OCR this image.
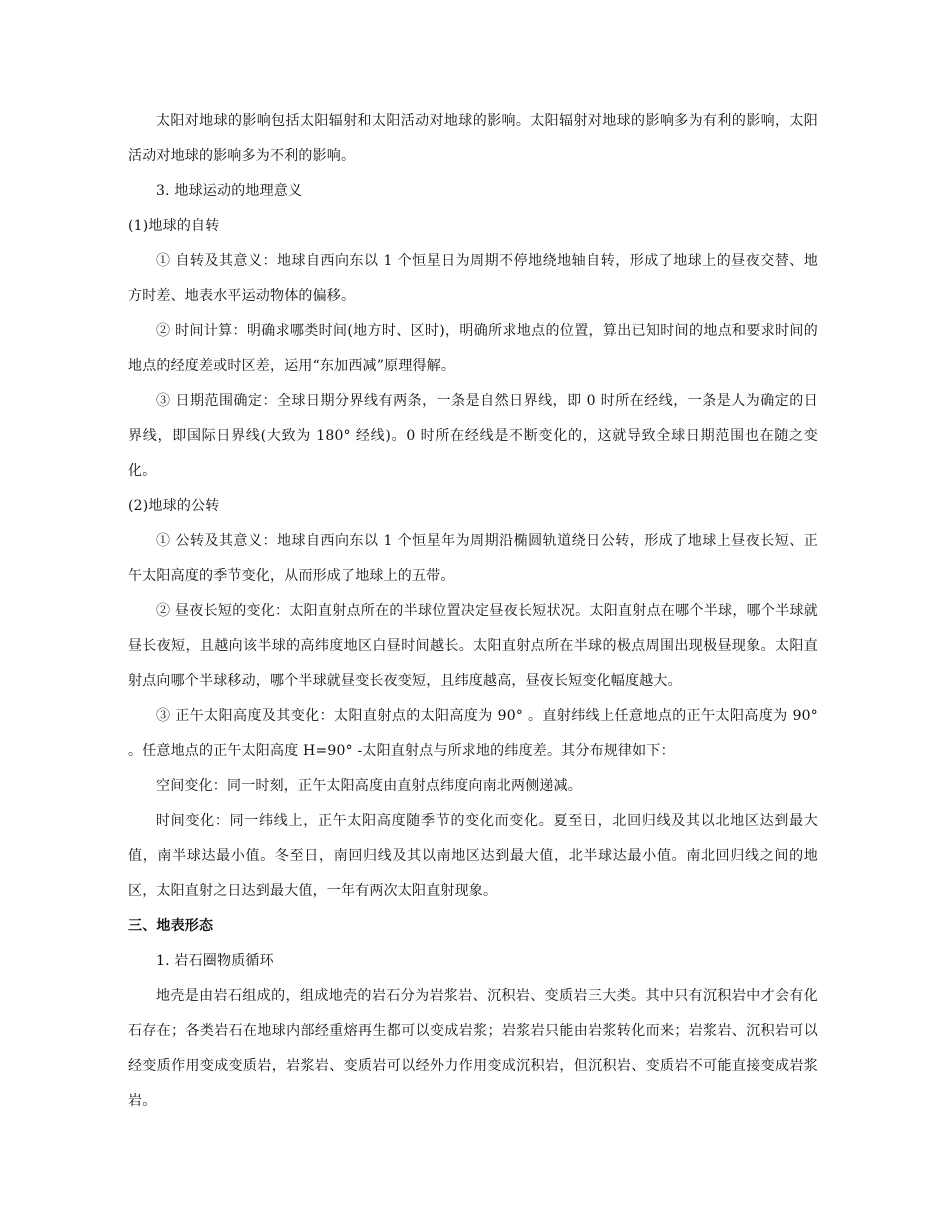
太阳对地球的影响包括太阳辐射和太阳活动对地球的影响。太阳辐射对地球的影响多为有利的影响，太阳活动对地球的影响多为不利的影响。

3. 地球运动的地理意义

(1)地球的自转

① 自转及其意义：地球自西向东以 1 个恒星日为周期不停地绕地轴自转，形成了地球上的昼夜交替、地方时差、地表水平运动物体的偏移。

② 时间计算：明确求哪类时间(地方时、区时)，明确所求地点的位置，算出已知时间的地点和要求时间的地点的经度差或时区差，运用“东加西减”原理得解。

③ 日期范围确定：全球日期分界线有两条，一条是自然日界线，即 0 时所在经线，一条是人为确定的日界线，即国际日界线(大致为 180° 经线)。0 时所在经线是不断变化的，这就导致全球日期范围也在随之变化。

(2)地球的公转

① 公转及其意义：地球自西向东以 1 个恒星年为周期沿椭圆轨道绕日公转，形成了地球上昼夜长短、正午太阳高度的季节变化，从而形成了地球上的五带。

② 昼夜长短的变化：太阳直射点所在的半球位置决定昼夜长短状况。太阳直射点在哪个半球，哪个半球就昼长夜短，且越向该半球的高纬度地区白昼时间越长。太阳直射点所在半球的极点周围出现极昼现象。太阳直射点向哪个半球移动，哪个半球就昼变长夜变短，且纬度越高，昼夜长短变化幅度越大。

③ 正午太阳高度及其变化：太阳直射点的太阳高度为 90° 。直射纬线上任意地点的正午太阳高度为 90° 。任意地点的正午太阳高度 H=90° -太阳直射点与所求地的纬度差。其分布规律如下：

空间变化：同一时刻，正午太阳高度由直射点纬度向南北两侧递减。

时间变化：同一纬线上，正午太阳高度随季节的变化而变化。夏至日，北回归线及其以北地区达到最大值，南半球达最小值。冬至日，南回归线及其以南地区达到最大值，北半球达最小值。南北回归线之间的地区，太阳直射之日达到最大值，一年有两次太阳直射现象。

三、地表形态

1. 岩石圈物质循环

地壳是由岩石组成的，组成地壳的岩石分为岩浆岩、沉积岩、变质岩三大类。其中只有沉积岩中才会有化石存在；各类岩石在地球内部经重熔再生都可以变成岩浆；岩浆岩只能由岩浆转化而来；岩浆岩、沉积岩可以经变质作用变成变质岩，岩浆岩、变质岩可以经外力作用变成沉积岩，但沉积岩、变质岩不可能直接变成岩浆岩。
